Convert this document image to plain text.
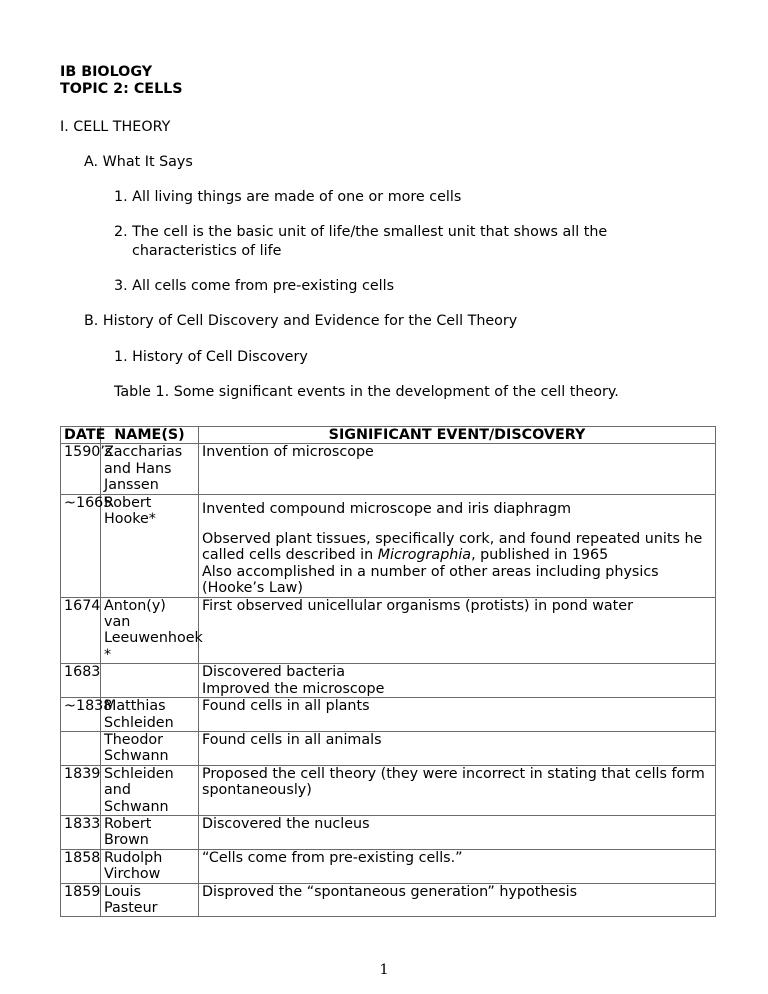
IB BIOLOGY
TOPIC 2: CELLS
I. CELL THEORY
A. What It Says
1. All living things are made of one or more cells
2. The cell is the basic unit of life/the smallest unit that shows all the
characteristics of life
3. All cells come from pre-existing cells
B. History of Cell Discovery and Evidence for the Cell Theory
1. History of Cell Discovery
Table 1. Some significant events in the development of the cell theory.
DATE	NAME(S)	SIGNIFICANT EVENT/DISCOVERY
1590’s	Zaccharias and Hans Janssen	Invention of microscope
~1665	Robert Hooke*	Invented compound microscope and iris diaphragm
Observed plant tissues, specifically cork, and found repeated units he called cells described in Micrographia, published in 1965
Also accomplished in a number of other areas including physics (Hooke’s Law)

1674	Anton(y) van Leeuwenhoek *	First observed unicellular organisms (protists) in pond water
1683		Discovered bacteria
Improved the microscope

~1838	Matthias Schleiden	Found cells in all plants
	Theodor Schwann	Found cells in all animals
1839	Schleiden and Schwann	Proposed the cell theory (they were incorrect in stating that cells form spontaneously)
1833	Robert Brown	Discovered the nucleus
1858	Rudolph Virchow	“Cells come from pre-existing cells.”
1859	Louis Pasteur	Disproved the “spontaneous generation” hypothesis
1
